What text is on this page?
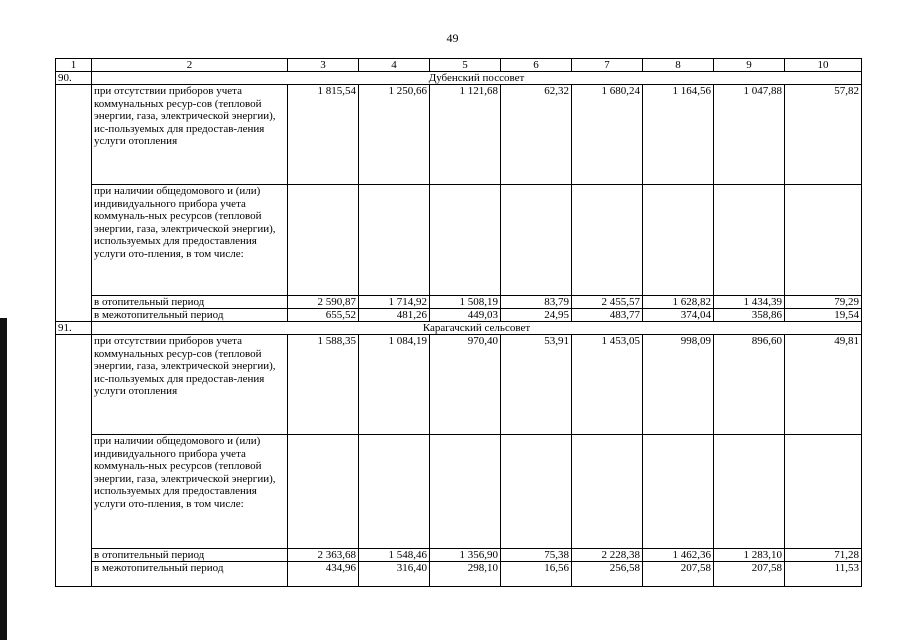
49
1	2	3	4	5	6	7	8	9	10
90.	Дубенский поссовет								
	при отсутствии приборов учета коммунальных ресур-сов (тепловой энергии, газа, электрической энергии), ис-пользуемых для предостав-ления услуги отопления	1 815,54	1 250,66	1 121,68	62,32	1 680,24	1 164,56	1 047,88	57,82
	при наличии общедомового и (или) индивидуального прибора учета коммуналь-ных ресурсов (тепловой энергии, газа, электрической энергии), используемых для предоставления услуги ото-пления, в том числе:								
	в отопительный период	2 590,87	1 714,92	1 508,19	83,79	2 455,57	1 628,82	1 434,39	79,29
	в межотопительный период	655,52	481,26	449,03	24,95	483,77	374,04	358,86	19,54
91.	Карагачский сельсовет								
	при отсутствии приборов учета коммунальных ресур-сов (тепловой энергии, газа, электрической энергии), ис-пользуемых для предостав-ления услуги отопления	1 588,35	1 084,19	970,40	53,91	1 453,05	998,09	896,60	49,81
	при наличии общедомового и (или) индивидуального прибора учета коммуналь-ных ресурсов (тепловой энергии, газа, электрической энергии), используемых для предоставления услуги ото-пления, в том числе:								
	в отопительный период	2 363,68	1 548,46	1 356,90	75,38	2 228,38	1 462,36	1 283,10	71,28
	в межотопительный период	434,96	316,40	298,10	16,56	256,58	207,58	207,58	11,53
